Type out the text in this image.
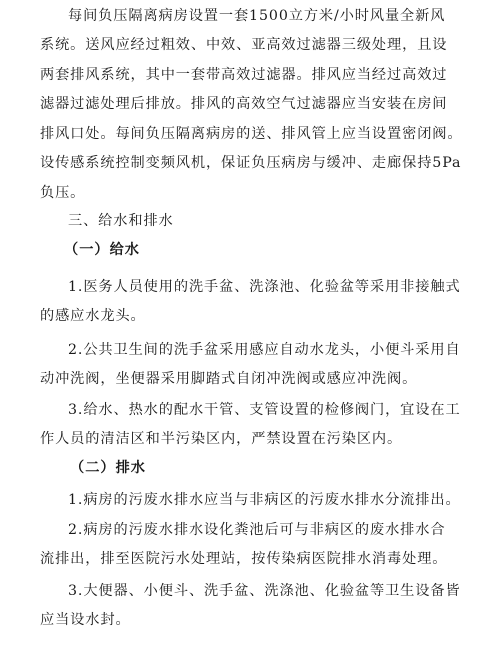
每间负压隔离病房设置一套1500立方米/小时风量全新风
系统。送风应经过粗效、中效、亚高效过滤器三级处理，且设
两套排风系统，其中一套带高效过滤器。排风应当经过高效过
滤器过滤处理后排放。排风的高效空气过滤器应当安装在房间
排风口处。每间负压隔离病房的送、排风管上应当设置密闭阀。
设传感系统控制变频风机，保证负压病房与缓冲、走廊保持5Pa
负压。
三、给水和排水
（一）给水
1.医务人员使用的洗手盆、洗涤池、化验盆等采用非接触式
的感应水龙头。
2.公共卫生间的洗手盆采用感应自动水龙头，小便斗采用自
动冲洗阀，坐便器采用脚踏式自闭冲洗阀或感应冲洗阀。
3.给水、热水的配水干管、支管设置的检修阀门，宜设在工
作人员的清洁区和半污染区内，严禁设置在污染区内。
（二）排水
1.病房的污废水排水应当与非病区的污废水排水分流排出。
2.病房的污废水排水设化粪池后可与非病区的废水排水合
流排出，排至医院污水处理站，按传染病医院排水消毒处理。
3.大便器、小便斗、洗手盆、洗涤池、化验盆等卫生设备皆
应当设水封。
